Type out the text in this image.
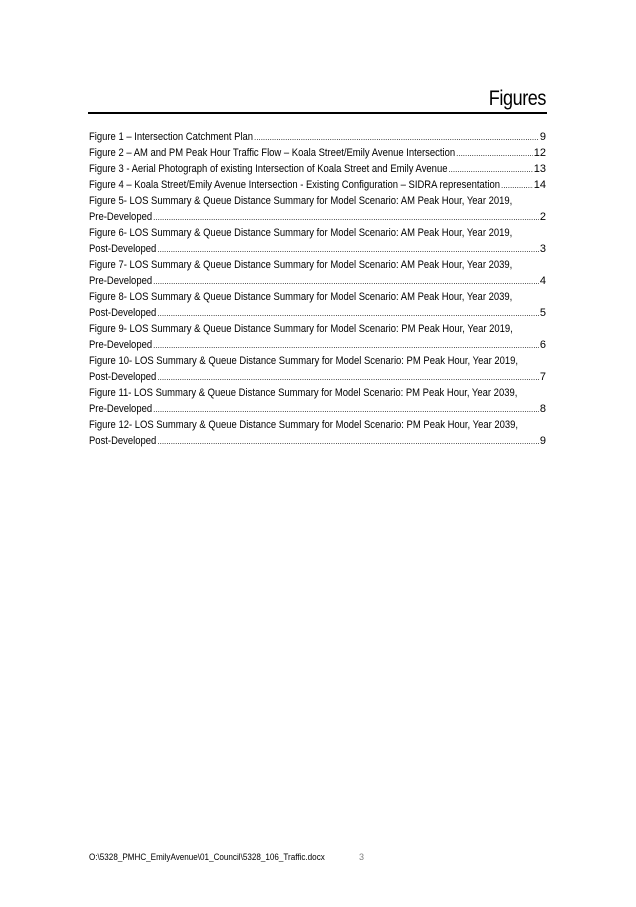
Figures
Figure 1 – Intersection Catchment Plan .....	9
Figure 2 – AM and PM Peak Hour Traffic Flow – Koala Street/Emily Avenue Intersection .....	12
Figure 3 - Aerial Photograph of existing Intersection of Koala Street and Emily Avenue .....	13
Figure 4 – Koala Street/Emily Avenue Intersection - Existing Configuration – SIDRA representation .....	14
Figure 5- LOS Summary & Queue Distance Summary for Model Scenario: AM Peak Hour, Year 2019,
Pre-Developed .....	2
Figure 6- LOS Summary & Queue Distance Summary for Model Scenario: AM Peak Hour, Year 2019,
Post-Developed .....	3
Figure 7- LOS Summary & Queue Distance Summary for Model Scenario: AM Peak Hour, Year 2039,
Pre-Developed .....	4
Figure 8- LOS Summary & Queue Distance Summary for Model Scenario: AM Peak Hour, Year 2039,
Post-Developed .....	5
Figure 9- LOS Summary & Queue Distance Summary for Model Scenario: PM Peak Hour, Year 2019,
Pre-Developed .....	6
Figure 10- LOS Summary & Queue Distance Summary for Model Scenario: PM Peak Hour, Year 2019,
Post-Developed .....	7
Figure 11- LOS Summary & Queue Distance Summary for Model Scenario: PM Peak Hour, Year 2039,
Pre-Developed .....	8
Figure 12- LOS Summary & Queue Distance Summary for Model Scenario: PM Peak Hour, Year 2039,
Post-Developed .....	9
O:\5328_PMHC_EmilyAvenue\01_Council\5328_106_Traffic.docx	3
